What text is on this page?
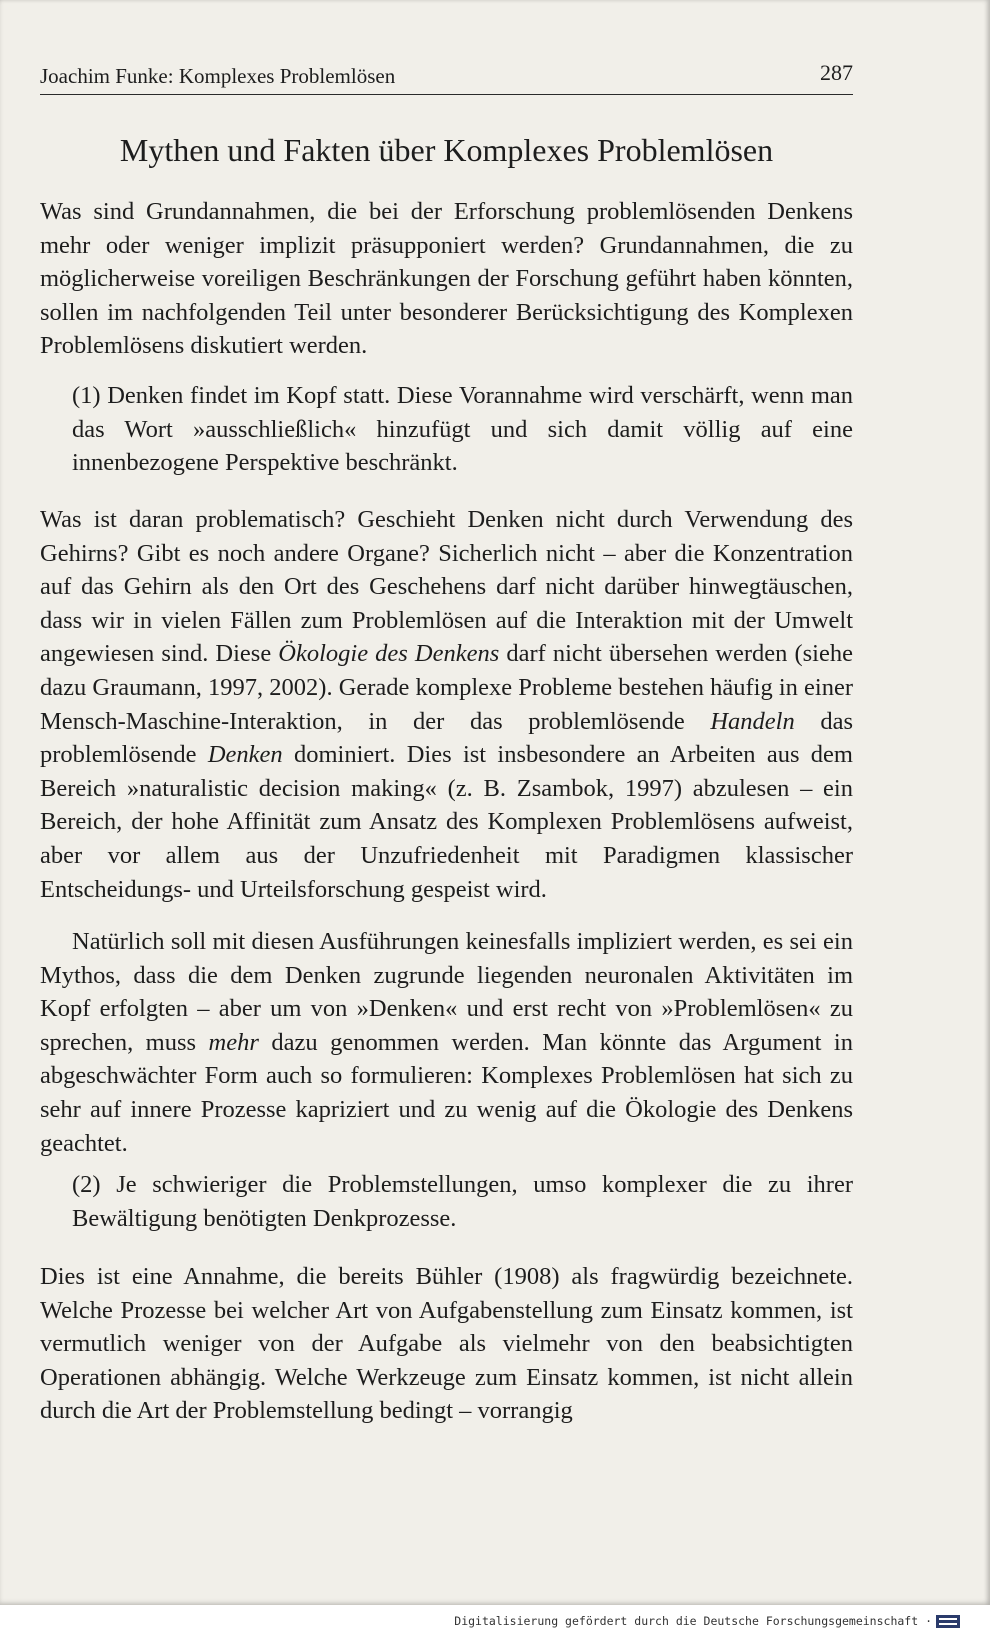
Joachim Funke: Komplexes Problemlösen	287
Mythen und Fakten über Komplexes Problemlösen

Was sind Grundannahmen, die bei der Erforschung problemlösenden Denkens mehr oder weniger implizit präsupponiert werden? Grundannahmen, die zu möglicherweise voreiligen Beschränkungen der Forschung geführt haben könnten, sollen im nachfolgenden Teil unter besonderer Berücksichtigung des Komplexen Problemlösens diskutiert werden.

(1) Denken findet im Kopf statt. Diese Vorannahme wird verschärft, wenn man das Wort »ausschließlich« hinzufügt und sich damit völlig auf eine innenbezogene Perspektive beschränkt.

Was ist daran problematisch? Geschieht Denken nicht durch Verwendung des Gehirns? Gibt es noch andere Organe? Sicherlich nicht – aber die Konzentration auf das Gehirn als den Ort des Geschehens darf nicht darüber hinwegtäuschen, dass wir in vielen Fällen zum Problemlösen auf die Interaktion mit der Umwelt angewiesen sind. Diese Ökologie des Denkens darf nicht übersehen werden (siehe dazu Graumann, 1997, 2002). Gerade komplexe Probleme bestehen häufig in einer Mensch-Maschine-Interaktion, in der das problemlösende Handeln das problemlösende Denken dominiert. Dies ist insbesondere an Arbeiten aus dem Bereich »naturalistic decision making« (z. B. Zsambok, 1997) abzulesen – ein Bereich, der hohe Affinität zum Ansatz des Komplexen Problemlösens aufweist, aber vor allem aus der Unzufriedenheit mit Paradigmen klassischer Entscheidungs- und Urteilsforschung gespeist wird.

Natürlich soll mit diesen Ausführungen keinesfalls impliziert werden, es sei ein Mythos, dass die dem Denken zugrunde liegenden neuronalen Aktivitäten im Kopf erfolgten – aber um von »Denken« und erst recht von »Problemlösen« zu sprechen, muss mehr dazu genommen werden. Man könnte das Argument in abgeschwächter Form auch so formulieren: Komplexes Problemlösen hat sich zu sehr auf innere Prozesse kapriziert und zu wenig auf die Ökologie des Denkens geachtet.

(2) Je schwieriger die Problemstellungen, umso komplexer die zu ihrer Bewältigung benötigten Denkprozesse.

Dies ist eine Annahme, die bereits Bühler (1908) als fragwürdig bezeichnete. Welche Prozesse bei welcher Art von Aufgabenstellung zum Einsatz kommen, ist vermutlich weniger von der Aufgabe als vielmehr von den beabsichtigten Operationen abhängig. Welche Werkzeuge zum Einsatz kommen, ist nicht allein durch die Art der Problemstellung bedingt – vorrangig

Digitalisierung gefördert durch die Deutsche Forschungsgemeinschaft ·
